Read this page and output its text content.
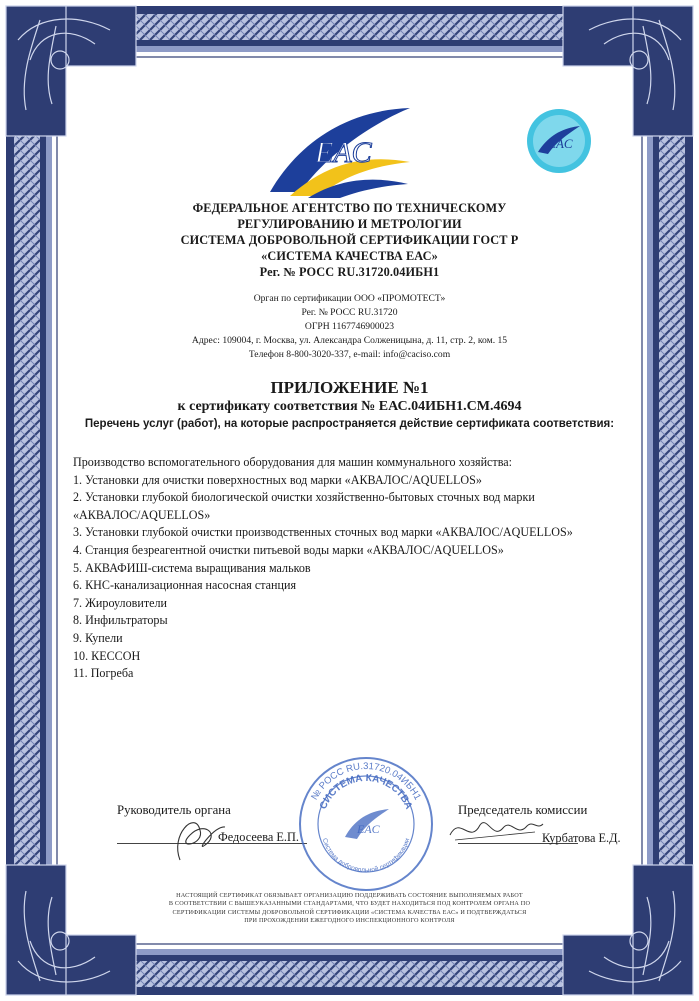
EAC	EAC
ФЕДЕРАЛЬНОЕ АГЕНТСТВО ПО ТЕХНИЧЕСКОМУ
РЕГУЛИРОВАНИЮ И МЕТРОЛОГИИ
СИСТЕМА ДОБРОВОЛЬНОЙ СЕРТИФИКАЦИИ ГОСТ Р
«СИСТЕМА КАЧЕСТВА ЕАС»
Рег. № РОСС RU.31720.04ИБН1
Орган по сертификации ООО «ПРОМОТЕСТ»
Рег. № РОСС RU.31720
ОГРН 1167746900023
Адрес: 109004, г. Москва, ул. Александра Солженицына, д. 11, стр. 2, ком. 15
Телефон 8-800-3020-337, e-mail: info@caciso.com
ПРИЛОЖЕНИЕ №1
к сертификату соответствия № ЕАС.04ИБН1.СМ.4694
Перечень услуг (работ), на которые распространяется действие сертификата соответствия:
Производство вспомогательного оборудования для машин коммунального хозяйства:
1. Установки для очистки поверхностных вод марки «АКВАЛОС/AQUELLOS»
2. Установки глубокой биологической очистки хозяйственно-бытовых сточных вод марки
«АКВАЛОС/AQUELLOS»
3. Установки глубокой очистки производственных сточных вод марки «АКВАЛОС/AQUELLOS»
4. Станция безреагентной очистки питьевой воды марки «АКВАЛОС/AQUELLOS»
5. АКВАФИШ-система выращивания мальков
6. КНС-канализационная насосная станция
7. Жироуловители
8. Инфильтраторы
9. Купели
10. КЕССОН
11. Погреба
Руководитель органа	Председатель комиссии
Федосеева Е.П.	Курбатова Е.Д.
№ РОСС RU.31720.04ИБН1
СИСТЕМА КАЧЕСТВА
Система добровольной сертификации
EAC
НАСТОЯЩИЙ СЕРТИФИКАТ ОБЯЗЫВАЕТ ОРГАНИЗАЦИЮ ПОДДЕРЖИВАТЬ СОСТОЯНИЕ ВЫПОЛНЯЕМЫХ РАБОТ
В СООТВЕТСТВИИ С ВЫШЕУКАЗАННЫМИ СТАНДАРТАМИ, ЧТО БУДЕТ НАХОДИТЬСЯ ПОД КОНТРОЛЕМ ОРГАНА ПО
СЕРТИФИКАЦИИ СИСТЕМЫ ДОБРОВОЛЬНОЙ СЕРТИФИКАЦИИ «СИСТЕМА КАЧЕСТВА ЕАС» И ПОДТВЕРЖДАТЬСЯ
ПРИ ПРОХОЖДЕНИИ ЕЖЕГОДНОГО ИНСПЕКЦИОННОГО КОНТРОЛЯ
